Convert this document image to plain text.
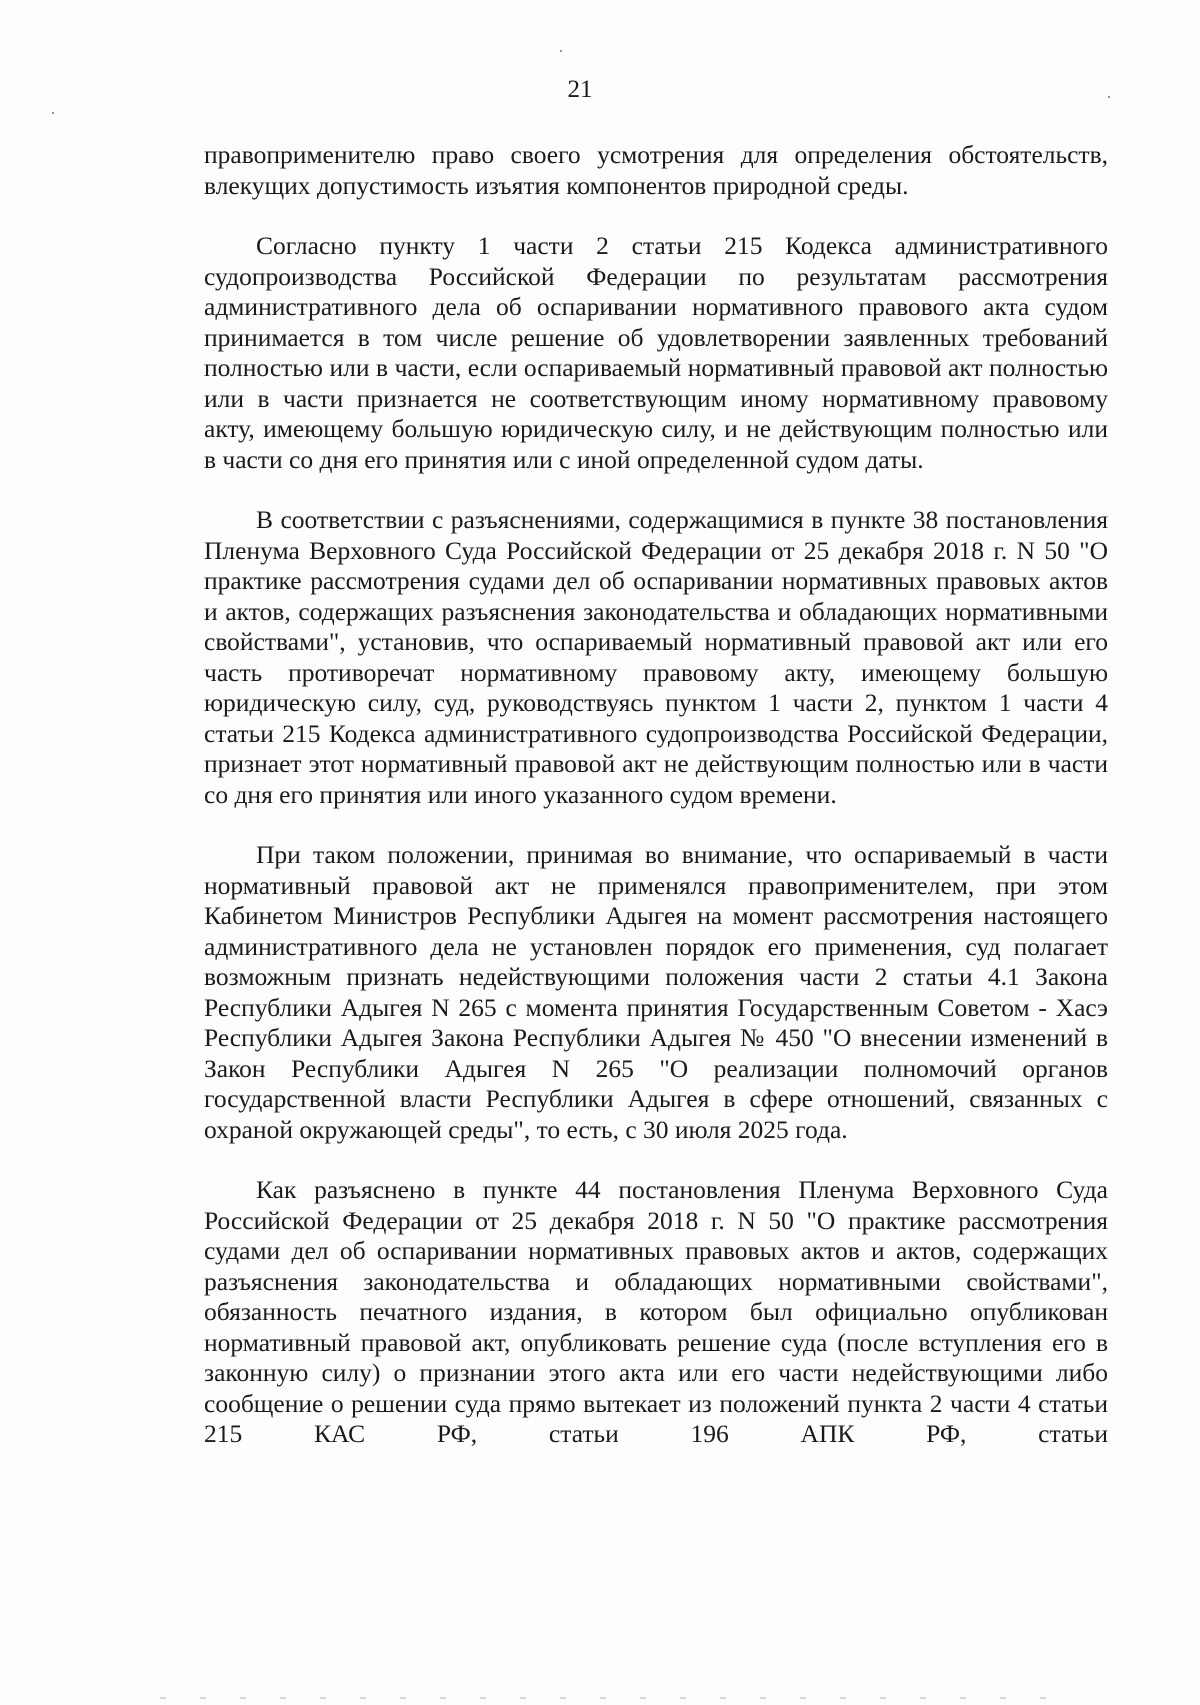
21

правоприменителю право своего усмотрения для определения обстоятельств, влекущих допустимость изъятия компонентов природной среды.

Согласно пункту 1 части 2 статьи 215 Кодекса административного судопроизводства Российской Федерации по результатам рассмотрения административного дела об оспаривании нормативного правового акта судом принимается в том числе решение об удовлетворении заявленных требований полностью или в части, если оспариваемый нормативный правовой акт полностью или в части признается не соответствующим иному нормативному правовому акту, имеющему большую юридическую силу, и не действующим полностью или в части со дня его принятия или с иной определенной судом даты.

В соответствии с разъяснениями, содержащимися в пункте 38 постановления Пленума Верховного Суда Российской Федерации от 25 декабря 2018 г. N 50 "О практике рассмотрения судами дел об оспаривании нормативных правовых актов и актов, содержащих разъяснения законодательства и обладающих нормативными свойствами", установив, что оспариваемый нормативный правовой акт или его часть противоречат нормативному правовому акту, имеющему большую юридическую силу, суд, руководствуясь пунктом 1 части 2, пунктом 1 части 4 статьи 215 Кодекса административного судопроизводства Российской Федерации, признает этот нормативный правовой акт не действующим полностью или в части со дня его принятия или иного указанного судом времени.

При таком положении, принимая во внимание, что оспариваемый в части нормативный правовой акт не применялся правоприменителем, при этом Кабинетом Министров Республики Адыгея на момент рассмотрения настоящего административного дела не установлен порядок его применения, суд полагает возможным признать недействующими положения части 2 статьи 4.1 Закона Республики Адыгея N 265 с момента принятия Государственным Советом - Хасэ Республики Адыгея Закона Республики Адыгея № 450 "О внесении изменений в Закон Республики Адыгея N 265 "О реализации полномочий органов государственной власти Республики Адыгея в сфере отношений, связанных с охраной окружающей среды", то есть, с 30 июля 2025 года.

Как разъяснено в пункте 44 постановления Пленума Верховного Суда Российской Федерации от 25 декабря 2018 г. N 50 "О практике рассмотрения судами дел об оспаривании нормативных правовых актов и актов, содержащих разъяснения законодательства и обладающих нормативными свойствами", обязанность печатного издания, в котором был официально опубликован нормативный правовой акт, опубликовать решение суда (после вступления его в законную силу) о признании этого акта или его части недействующими либо сообщение о решении суда прямо вытекает из положений пункта 2 части 4 статьи 215 КАС РФ, статьи 196 АПК РФ, статьи
